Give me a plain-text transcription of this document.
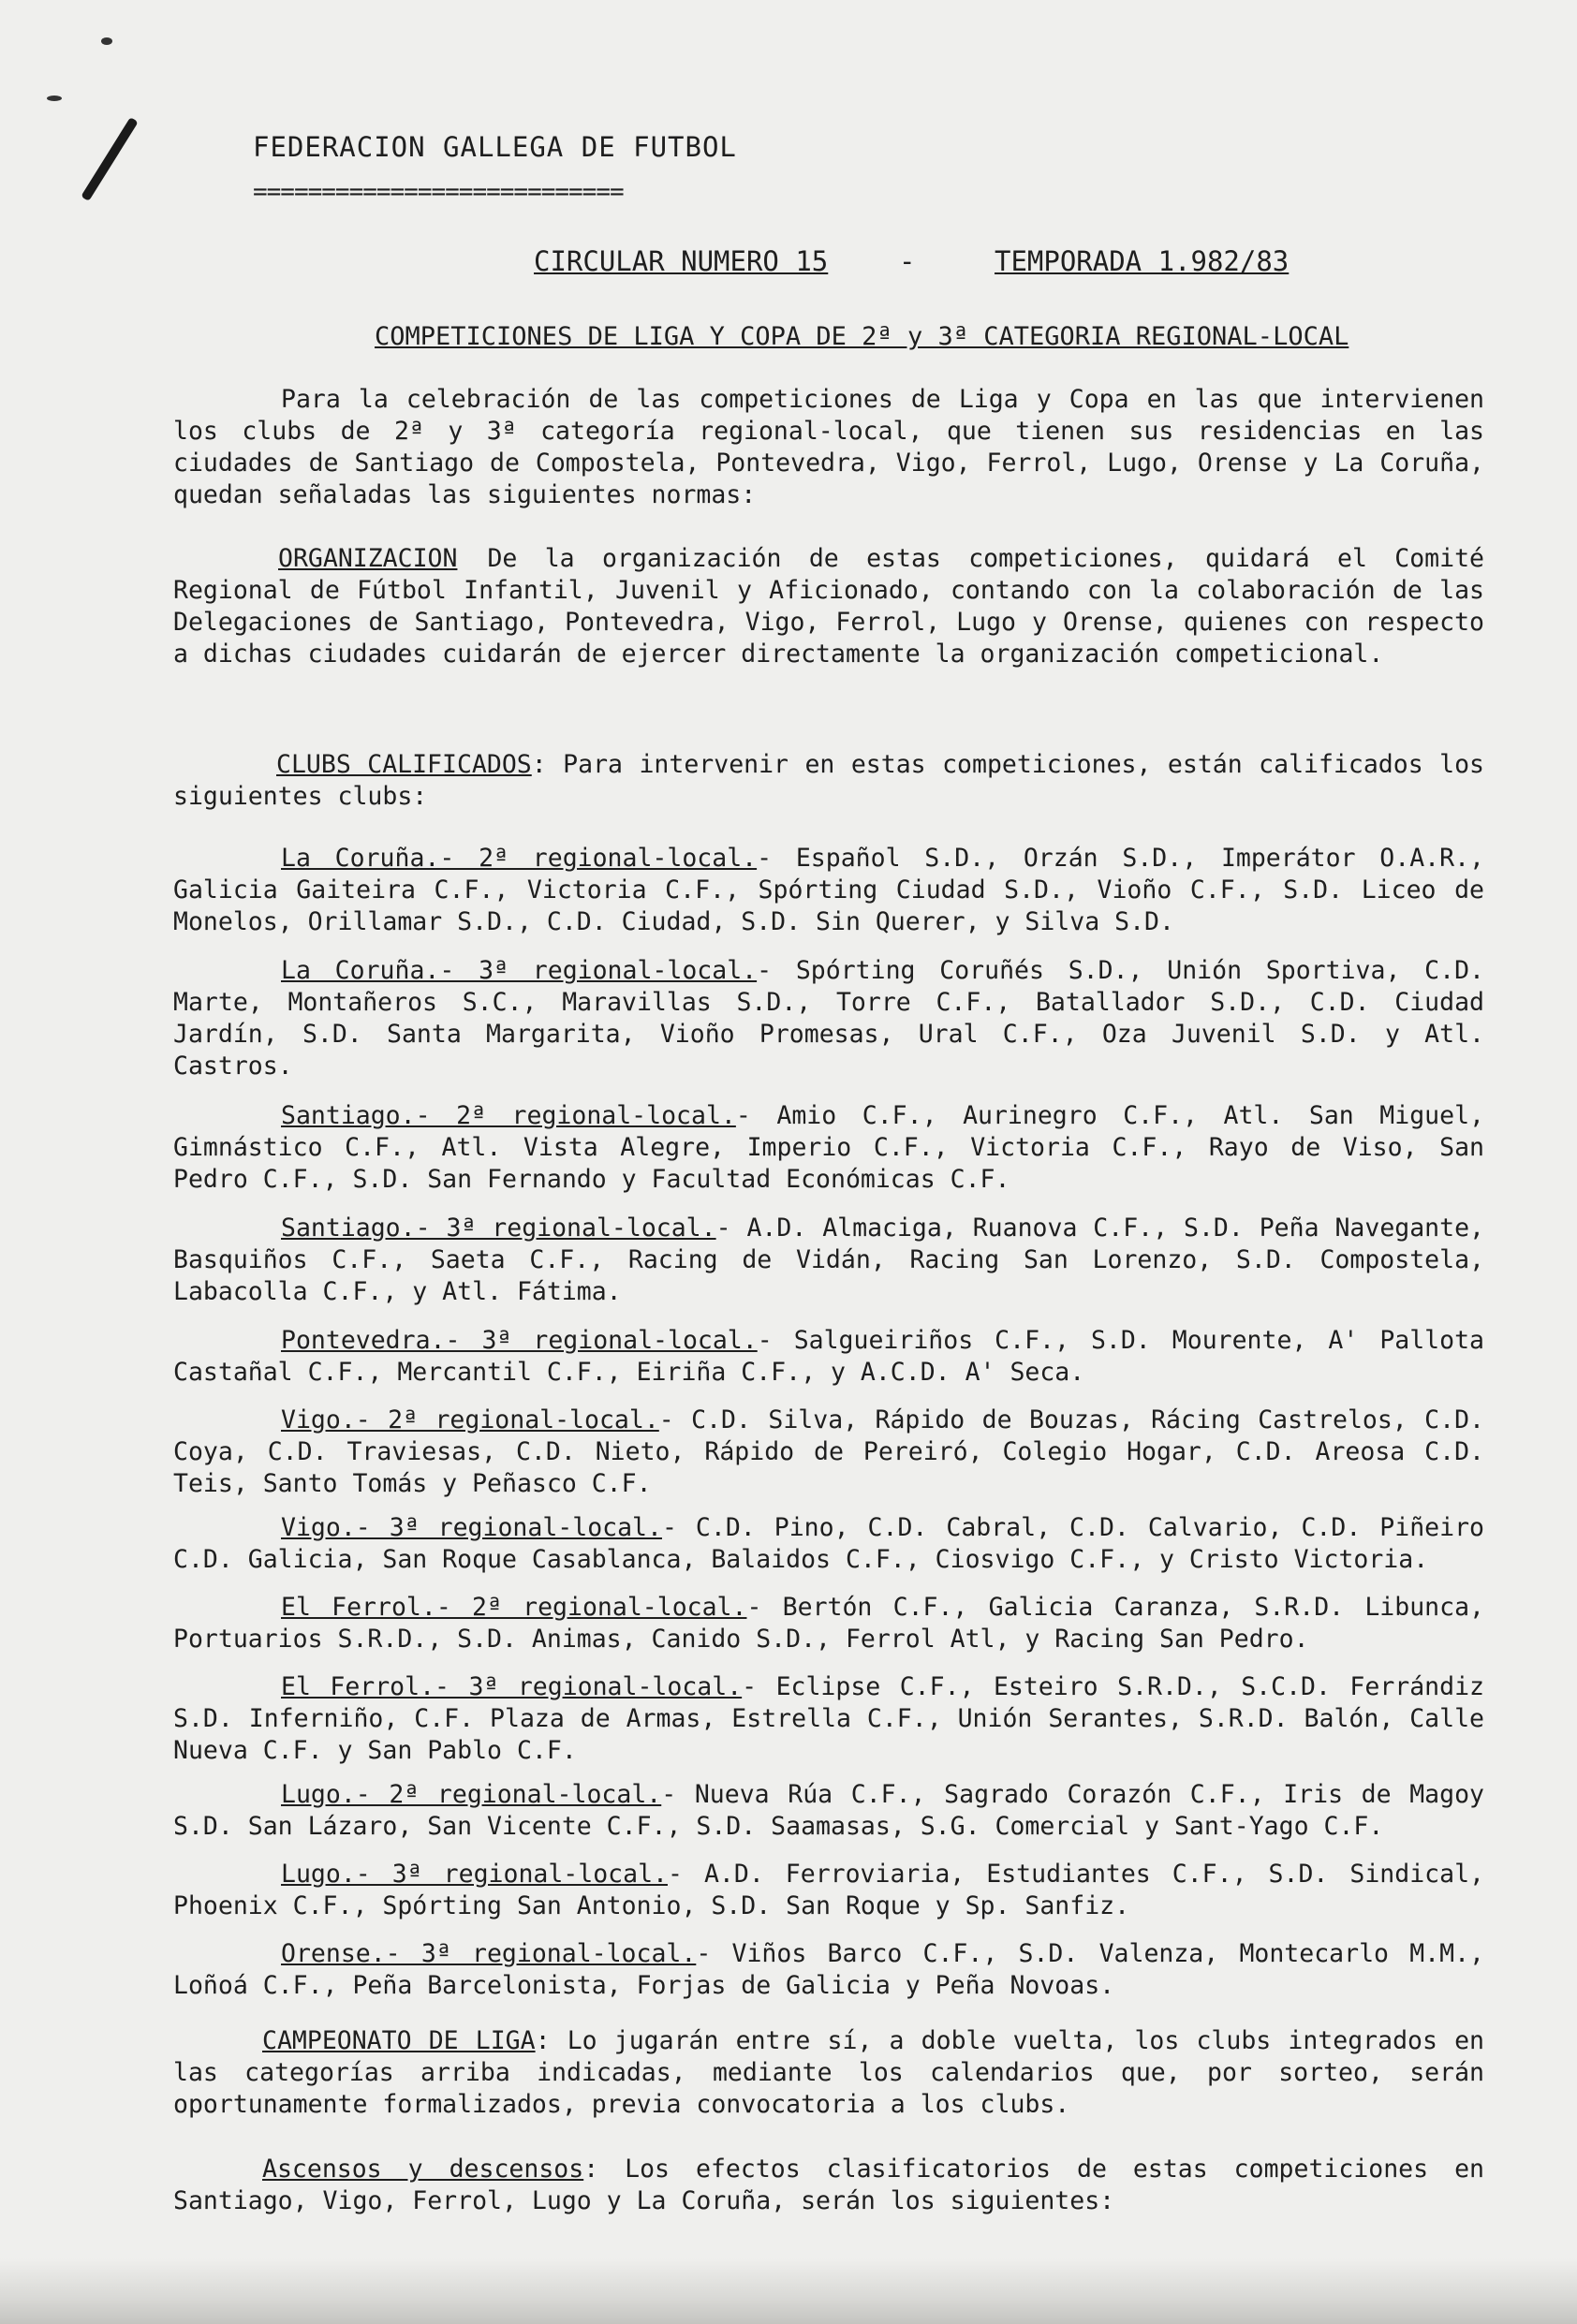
FEDERACION GALLEGA DE FUTBOL
===========================
CIRCULAR NUMERO 15	-	TEMPORADA 1.982/83
COMPETICIONES DE LIGA Y COPA DE 2ª y 3ª CATEGORIA REGIONAL-LOCAL

Para la celebración de las competiciones de Liga y Copa en las que intervienen los clubs de 2ª y 3ª categoría regional-local, que tienen sus residencias en las ciudades de Santiago de Compostela, Pontevedra, Vigo, Ferrol, Lugo, Orense y La Coruña, quedan señaladas las siguientes normas:

ORGANIZACION De la organización de estas competiciones, quidará el Comité Regional de Fútbol Infantil, Juvenil y Aficionado, contando con la colaboración de las Delegaciones de Santiago, Pontevedra, Vigo, Ferrol, Lugo y Orense, quienes con respecto a dichas ciudades cuidarán de ejercer directamente la organización competicional.

CLUBS CALIFICADOS: Para intervenir en estas competiciones, están calificados los siguientes clubs:

La Coruña.- 2ª regional-local.- Español S.D., Orzán S.D., Imperátor O.A.R., Galicia Gaiteira C.F., Victoria C.F., Spórting Ciudad S.D., Vioño C.F., S.D. Liceo de Monelos, Orillamar S.D., C.D. Ciudad, S.D. Sin Querer, y Silva S.D.

La Coruña.- 3ª regional-local.- Spórting Coruñés S.D., Unión Sportiva, C.D. Marte, Montañeros S.C., Maravillas S.D., Torre C.F., Batallador S.D., C.D. Ciudad Jardín, S.D. Santa Margarita, Vioño Promesas, Ural C.F., Oza Juvenil S.D. y Atl. Castros.

Santiago.- 2ª regional-local.- Amio C.F., Aurinegro C.F., Atl. San Miguel, Gimnástico C.F., Atl. Vista Alegre, Imperio C.F., Victoria C.F., Rayo de Viso, San Pedro C.F., S.D. San Fernando y Facultad Económicas C.F.

Santiago.- 3ª regional-local.- A.D. Almaciga, Ruanova C.F., S.D. Peña Navegante, Basquiños C.F., Saeta C.F., Racing de Vidán, Racing San Lorenzo, S.D. Compostela, Labacolla C.F., y Atl. Fátima.

Pontevedra.- 3ª regional-local.- Salgueiriños C.F., S.D. Mourente, A' Pallota Castañal C.F., Mercantil C.F., Eiriña C.F., y A.C.D. A' Seca.

Vigo.- 2ª regional-local.- C.D. Silva, Rápido de Bouzas, Rácing Castrelos, C.D. Coya, C.D. Traviesas, C.D. Nieto, Rápido de Pereiró, Colegio Hogar, C.D. Areosa C.D. Teis, Santo Tomás y Peñasco C.F.

Vigo.- 3ª regional-local.- C.D. Pino, C.D. Cabral, C.D. Calvario, C.D. Piñeiro C.D. Galicia, San Roque Casablanca, Balaidos C.F., Ciosvigo C.F., y Cristo Victoria.

El Ferrol.- 2ª regional-local.- Bertón C.F., Galicia Caranza, S.R.D. Libunca, Portuarios S.R.D., S.D. Animas, Canido S.D., Ferrol Atl, y Racing San Pedro.

El Ferrol.- 3ª regional-local.- Eclipse C.F., Esteiro S.R.D., S.C.D. Ferrándiz S.D. Inferniño, C.F. Plaza de Armas, Estrella C.F., Unión Serantes, S.R.D. Balón, Calle Nueva C.F. y San Pablo C.F.

Lugo.- 2ª regional-local.- Nueva Rúa C.F., Sagrado Corazón C.F., Iris de Magoy S.D. San Lázaro, San Vicente C.F., S.D. Saamasas, S.G. Comercial y Sant-Yago C.F.

Lugo.- 3ª regional-local.- A.D. Ferroviaria, Estudiantes C.F., S.D. Sindical, Phoenix C.F., Spórting San Antonio, S.D. San Roque y Sp. Sanfiz.

Orense.- 3ª regional-local.- Viños Barco C.F., S.D. Valenza, Montecarlo M.M., Loñoá C.F., Peña Barcelonista, Forjas de Galicia y Peña Novoas.

CAMPEONATO DE LIGA: Lo jugarán entre sí, a doble vuelta, los clubs integrados en las categorías arriba indicadas, mediante los calendarios que, por sorteo, serán oportunamente formalizados, previa convocatoria a los clubs.

Ascensos y descensos: Los efectos clasificatorios de estas competiciones en Santiago, Vigo, Ferrol, Lugo y La Coruña, serán los siguientes:
